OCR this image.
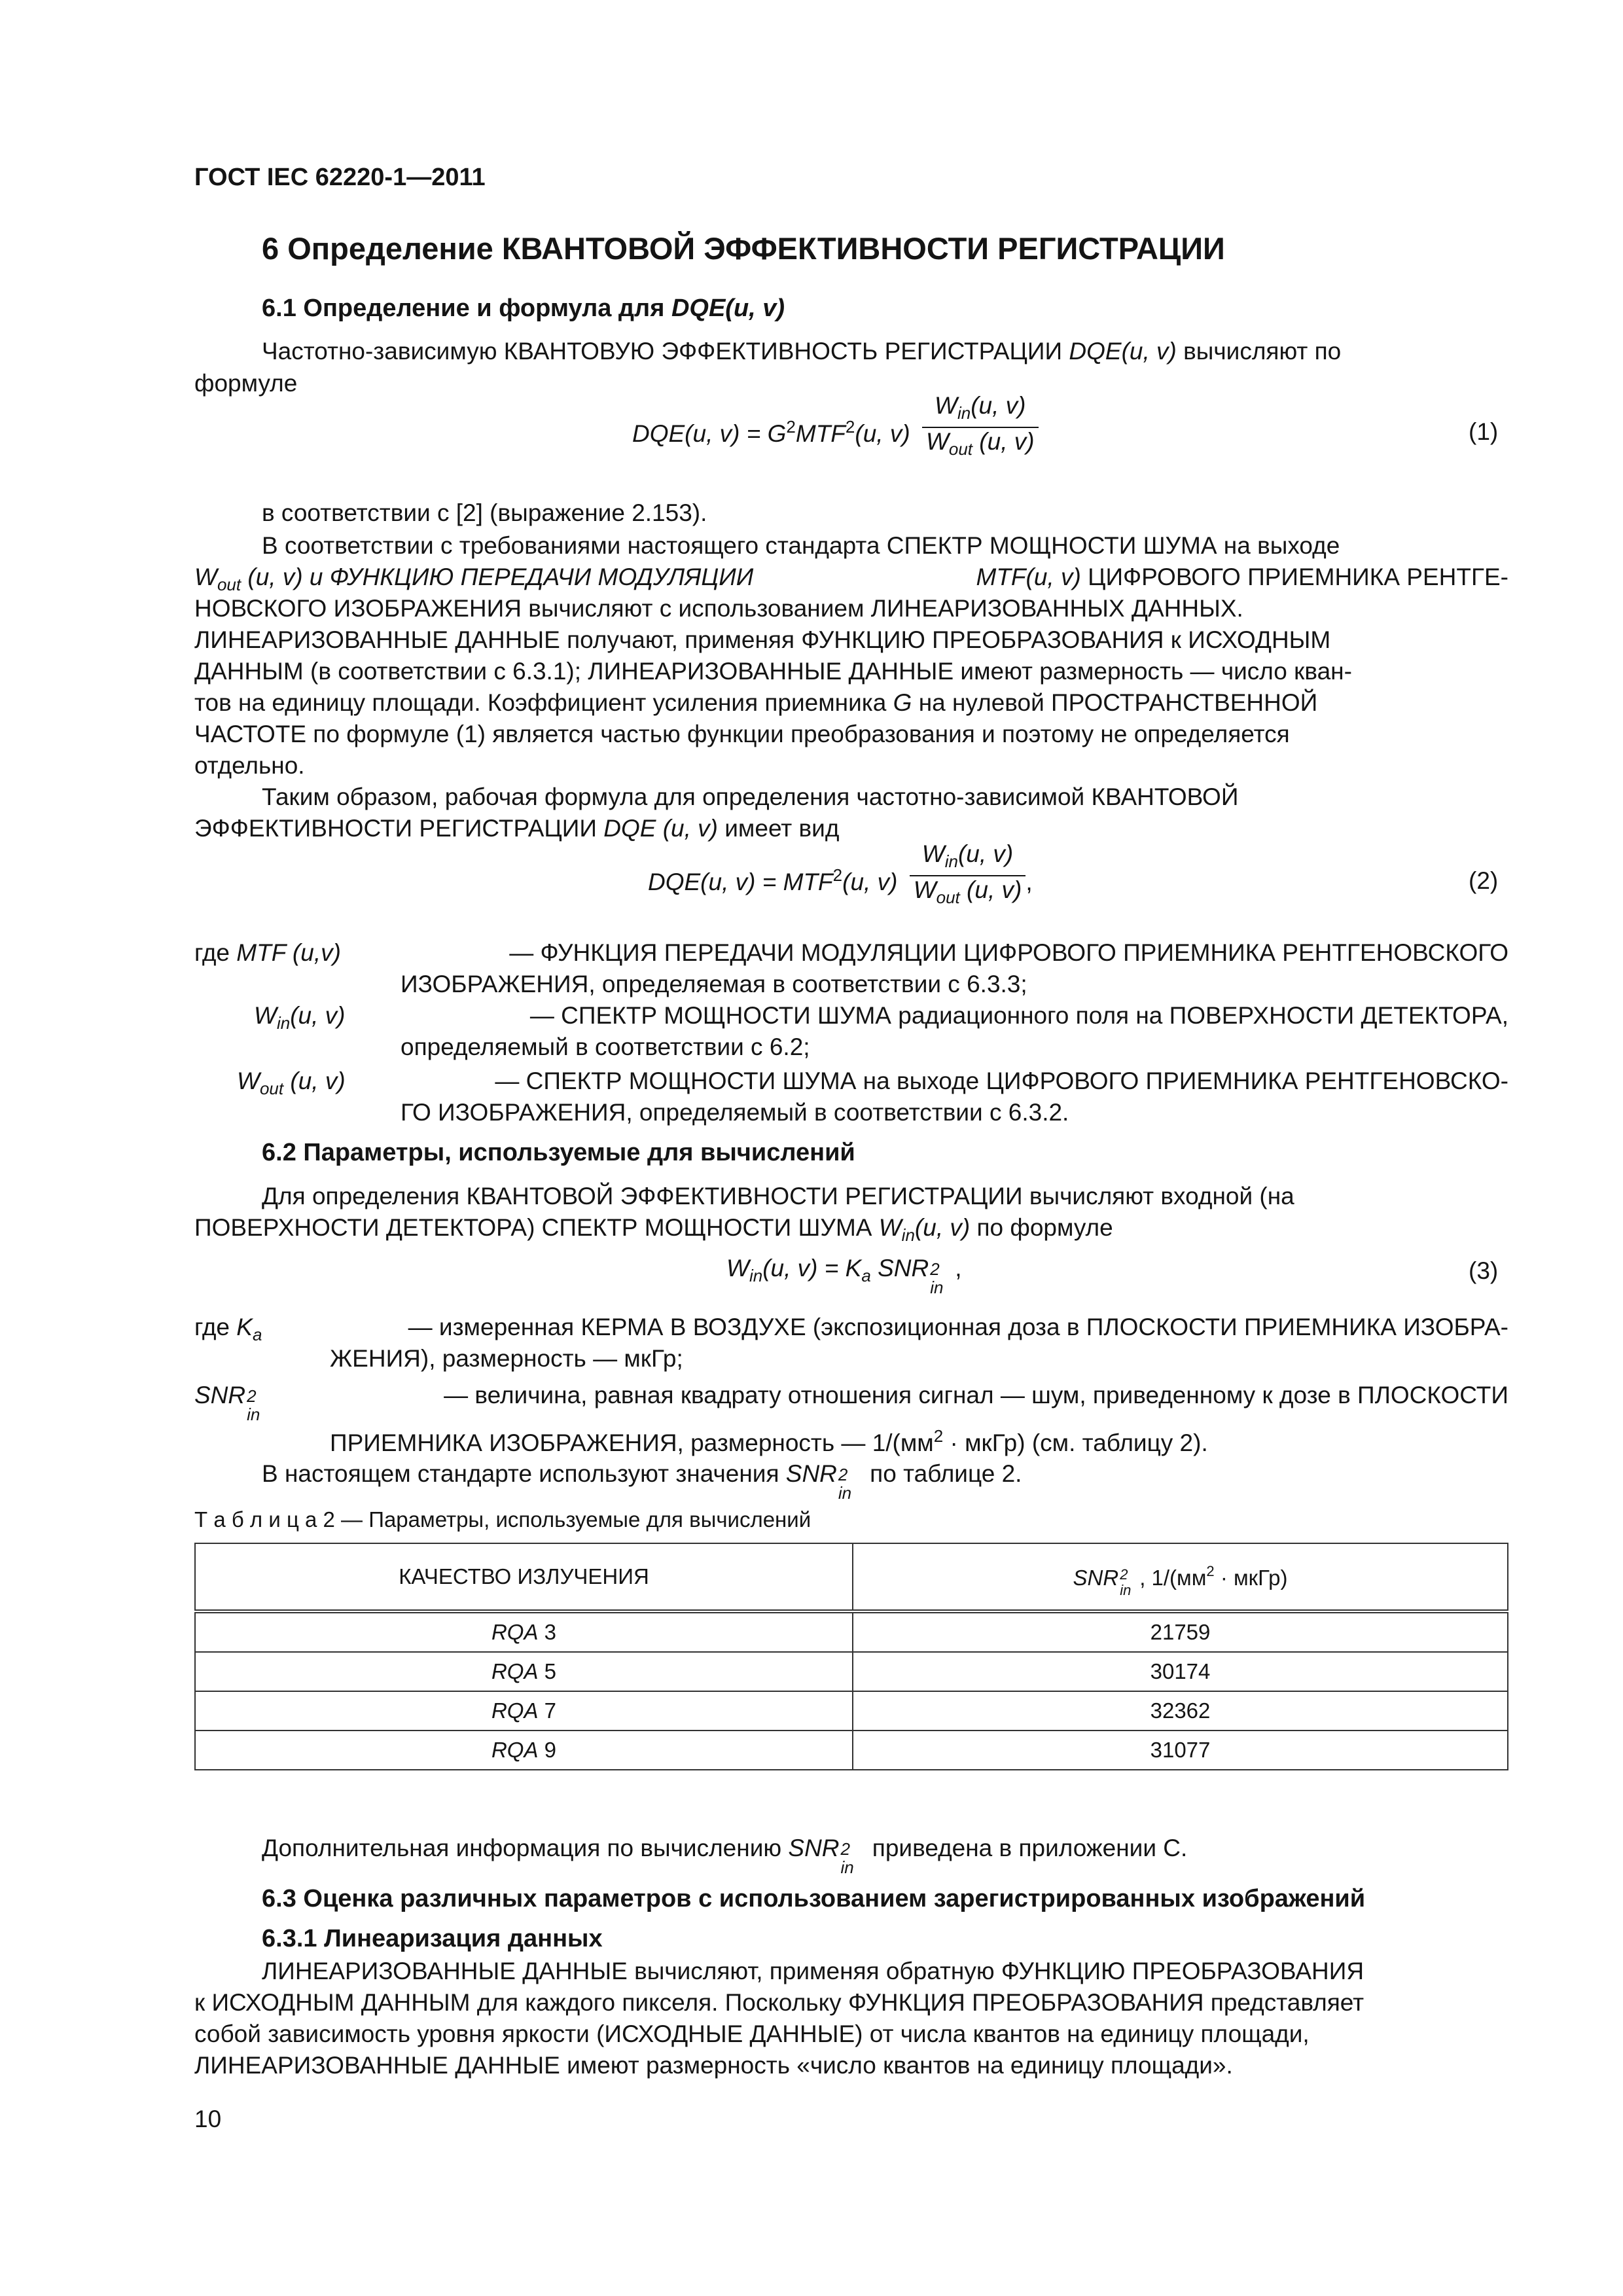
ГОСТ IEC 62220-1—2011
6 Определение КВАНТОВОЙ ЭФФЕКТИВНОСТИ РЕГИСТРАЦИИ
6.1 Определение и формула для DQE(u, v)
Частотно-зависимую КВАНТОВУЮ ЭФФЕКТИВНОСТЬ РЕГИСТРАЦИИ DQE(u, v) вычисляют по
формуле
DQE(u, $v) = G^2MTF^2(u$, $v) \frac{W_{in}(u, v)}{W_{out} (u, v)}$	(1)
в соответствии с [2] (выражение 2.153).
В соответствии с требованиями настоящего стандарта СПЕКТР МОЩНОСТИ ШУМА на выходе
$W_{out}$ (u, v) и ФУНКЦИЮ ПЕРЕДАЧИ МОДУЛЯЦИИ	MTF(u, v) ЦИФРОВОГО ПРИЕМНИКА РЕНТГЕ-
НОВСКОГО ИЗОБРАЖЕНИЯ вычисляют с использованием ЛИНЕАРИЗОВАННЫХ ДАННЫХ.
ЛИНЕАРИЗОВАННЫЕ ДАННЫЕ получают, применяя ФУНКЦИЮ ПРЕОБРАЗОВАНИЯ к ИСХОДНЫМ
ДАННЫМ (в соответствии с 6.3.1); ЛИНЕАРИЗОВАННЫЕ ДАННЫЕ имеют размерность — число кван-
тов на единицу площади. Коэффициент усиления приемника G на нулевой ПРОСТРАНСТВЕННОЙ
ЧАСТОТЕ по формуле (1) является частью функции преобразования и поэтому не определяется
отдельно.
Таким образом, рабочая формула для определения частотно-зависимой КВАНТОВОЙ
ЭФФЕКТИВНОСТИ РЕГИСТРАЦИИ DQE (u, v) имеет вид
DQE(u, $v) = MTF^2(u$, $v) \frac{W_{in}(u, v)}{W_{out} (u, v)}$ ,	(2)
где MTF (u,v)	— ФУНКЦИЯ ПЕРЕДАЧИ МОДУЛЯЦИИ ЦИФРОВОГО ПРИЕМНИКА РЕНТГЕНОВСКОГО
ИЗОБРАЖЕНИЯ, определяемая в соответствии с 6.3.3;
$W_{in}(u$, v)	— СПЕКТР МОЩНОСТИ ШУМА радиационного поля на ПОВЕРХНОСТИ ДЕТЕКТОРА,
определяемый в соответствии с 6.2;
$W_{out}$ (u, v)	— СПЕКТР МОЩНОСТИ ШУМА на выходе ЦИФРОВОГО ПРИЕМНИКА РЕНТГЕНОВСКО-
ГО ИЗОБРАЖЕНИЯ, определяемый в соответствии с 6.3.2.
6.2 Параметры, используемые для вычислений
Для определения КВАНТОВОЙ ЭФФЕКТИВНОСТИ РЕГИСТРАЦИИ вычисляют входной (на
ПОВЕРХНОСТИ ДЕТЕКТОРА) СПЕКТР МОЩНОСТИ ШУМА $W_{in}(u$, v) по формуле
$W_{in}(u$, $v) = K_a$ SNR 2
in
,	(3)
где $K_a$	— измеренная КЕРМА В ВОЗДУХЕ (экспозиционная доза в ПЛОСКОСТИ ПРИЕМНИКА ИЗОБРА-
ЖЕНИЯ), размерность — мкГр;
SNR 2
in
— величина, равная квадрату отношения сигнал — шум, приведенному к дозе в ПЛОСКОСТИ
ПРИЕМНИКА ИЗОБРАЖЕНИЯ, размерность — $1/(мм^2$ · мкГр) (см. таблицу 2).
В настоящем стандарте используют значения SNR 2
in
по таблице 2.
Т а б л и ц а 2 — Параметры, используемые для вычислений
КАЧЕСТВО ИЗЛУЧЕНИЯ	SNR 2
in
, $1/(мм^2$ · мкГр)
RQA 3	21759
RQA 5	30174
RQA 7	32362
RQA 9	31077
Дополнительная информация по вычислению SNR 2
in
приведена в приложении С.
6.3 Оценка различных параметров с использованием зарегистрированных изображений
6.3.1 Линеаризация данных
ЛИНЕАРИЗОВАННЫЕ ДАННЫЕ вычисляют, применяя обратную ФУНКЦИЮ ПРЕОБРАЗОВАНИЯ
к ИСХОДНЫМ ДАННЫМ для каждого пикселя. Поскольку ФУНКЦИЯ ПРЕОБРАЗОВАНИЯ представляет
собой зависимость уровня яркости (ИСХОДНЫЕ ДАННЫЕ) от числа квантов на единицу площади,
ЛИНЕАРИЗОВАННЫЕ ДАННЫЕ имеют размерность «число квантов на единицу площади».
10
